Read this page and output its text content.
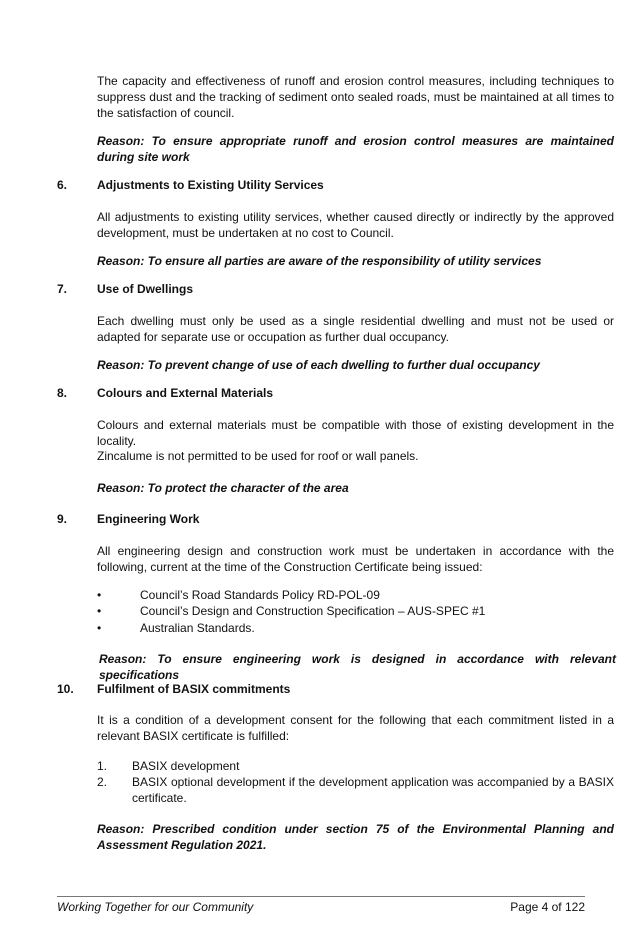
The capacity and effectiveness of runoff and erosion control measures, including techniques to suppress dust and the tracking of sediment onto sealed roads, must be maintained at all times to the satisfaction of council.

Reason: To ensure appropriate runoff and erosion control measures are maintained during site work

6. Adjustments to Existing Utility Services

All adjustments to existing utility services, whether caused directly or indirectly by the approved development, must be undertaken at no cost to Council.

Reason: To ensure all parties are aware of the responsibility of utility services

7. Use of Dwellings

Each dwelling must only be used as a single residential dwelling and must not be used or adapted for separate use or occupation as further dual occupancy.

Reason: To prevent change of use of each dwelling to further dual occupancy

8. Colours and External Materials

Colours and external materials must be compatible with those of existing development in the locality.

Zincalume is not permitted to be used for roof or wall panels.

Reason: To protect the character of the area

9. Engineering Work

All engineering design and construction work must be undertaken in accordance with the following, current at the time of the Construction Certificate being issued:

•	Council’s Road Standards Policy RD-POL-09
•	Council’s Design and Construction Specification – AUS-SPEC #1
•	Australian Standards.

Reason: To ensure engineering work is designed in accordance with relevant specifications

10. Fulfilment of BASIX commitments

It is a condition of a development consent for the following that each commitment listed in a relevant BASIX certificate is fulfilled:

1. BASIX development
2. BASIX optional development if the development application was accompanied by a BASIX certificate.

Reason: Prescribed condition under section 75 of the Environmental Planning and Assessment Regulation 2021.

Working Together for our Community	Page 4 of 122
